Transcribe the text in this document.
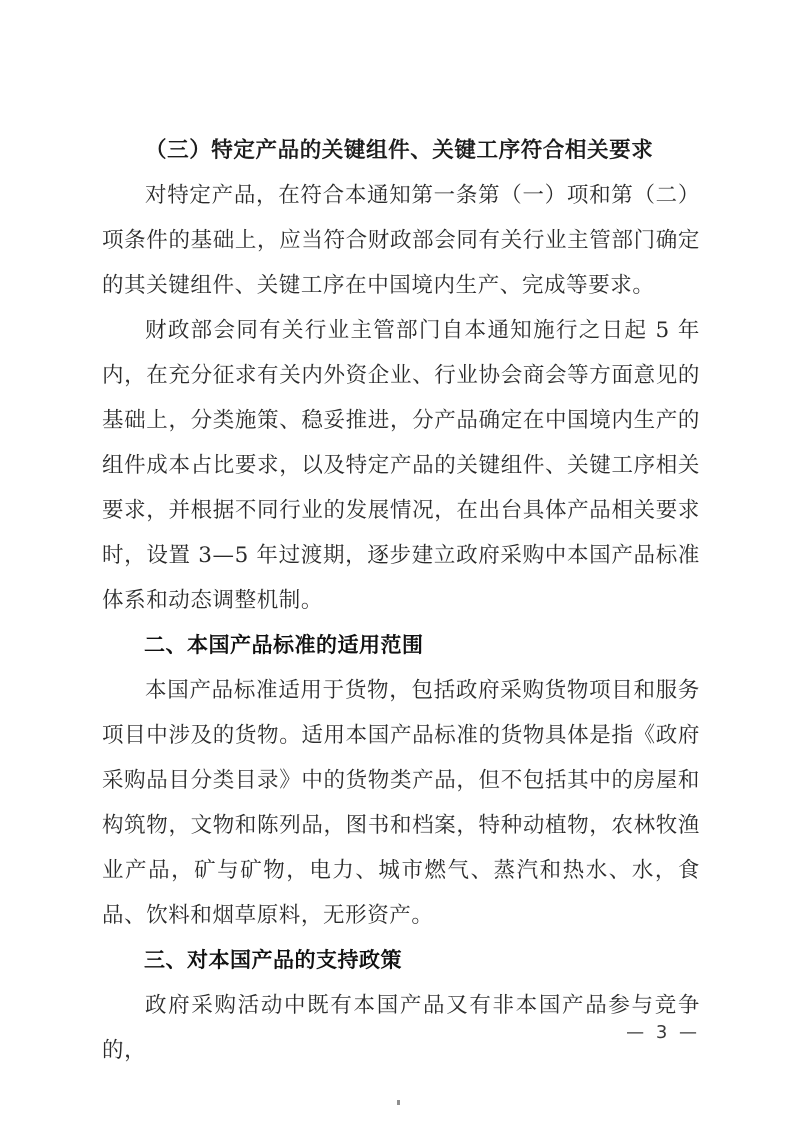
（三）特定产品的关键组件、关键工序符合相关要求

对特定产品，在符合本通知第一条第（一）项和第（二）项条件的基础上，应当符合财政部会同有关行业主管部门确定的其关键组件、关键工序在中国境内生产、完成等要求。

财政部会同有关行业主管部门自本通知施行之日起 5 年内，在充分征求有关内外资企业、行业协会商会等方面意见的基础上，分类施策、稳妥推进，分产品确定在中国境内生产的组件成本占比要求，以及特定产品的关键组件、关键工序相关要求，并根据不同行业的发展情况，在出台具体产品相关要求时，设置 3—5 年过渡期，逐步建立政府采购中本国产品标准体系和动态调整机制。

二、本国产品标准的适用范围

本国产品标准适用于货物，包括政府采购货物项目和服务项目中涉及的货物。适用本国产品标准的货物具体是指《政府采购品目分类目录》中的货物类产品，但不包括其中的房屋和构筑物，文物和陈列品，图书和档案，特种动植物，农林牧渔业产品，矿与矿物，电力、城市燃气、蒸汽和热水、水，食品、饮料和烟草原料，无形资产。

三、对本国产品的支持政策

政府采购活动中既有本国产品又有非本国产品参与竞争的，

— 3 —
